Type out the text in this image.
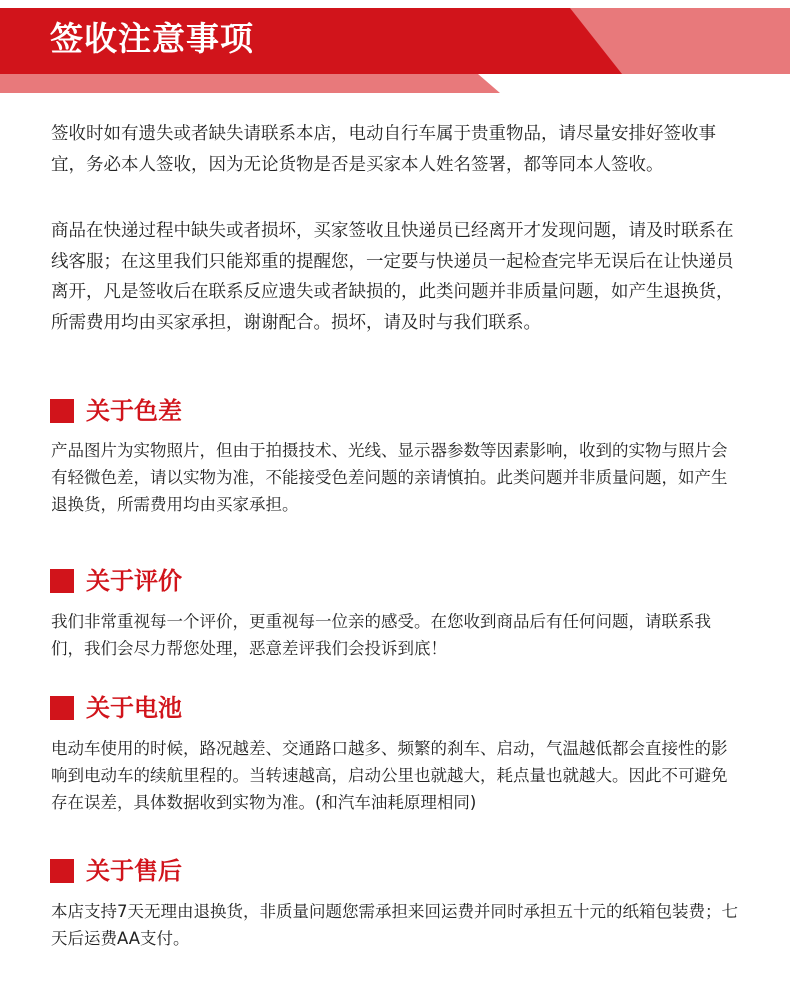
签收注意事项

签收时如有遗失或者缺失请联系本店，电动自行车属于贵重物品，请尽量安排好签收事宜，务必本人签收，因为无论货物是否是买家本人姓名签署，都等同本人签收。

商品在快递过程中缺失或者损坏，买家签收且快递员已经离开才发现问题，请及时联系在线客服；在这里我们只能郑重的提醒您，一定要与快递员一起检查完毕无误后在让快递员离开，凡是签收后在联系反应遗失或者缺损的，此类问题并非质量问题，如产生退换货，所需费用均由买家承担，谢谢配合。损坏，请及时与我们联系。

关于色差

产品图片为实物照片，但由于拍摄技术、光线、显示器参数等因素影响，收到的实物与照片会有轻微色差，请以实物为准，不能接受色差问题的亲请慎拍。此类问题并非质量问题，如产生退换货，所需费用均由买家承担。

关于评价

我们非常重视每一个评价，更重视每一位亲的感受。在您收到商品后有任何问题，请联系我们，我们会尽力帮您处理，恶意差评我们会投诉到底！

关于电池

电动车使用的时候，路况越差、交通路口越多、频繁的刹车、启动，气温越低都会直接性的影响到电动车的续航里程的。当转速越高，启动公里也就越大，耗点量也就越大。因此不可避免存在误差，具体数据收到实物为准。(和汽车油耗原理相同)

关于售后

本店支持7天无理由退换货，非质量问题您需承担来回运费并同时承担五十元的纸箱包装费；七天后运费AA支付。
